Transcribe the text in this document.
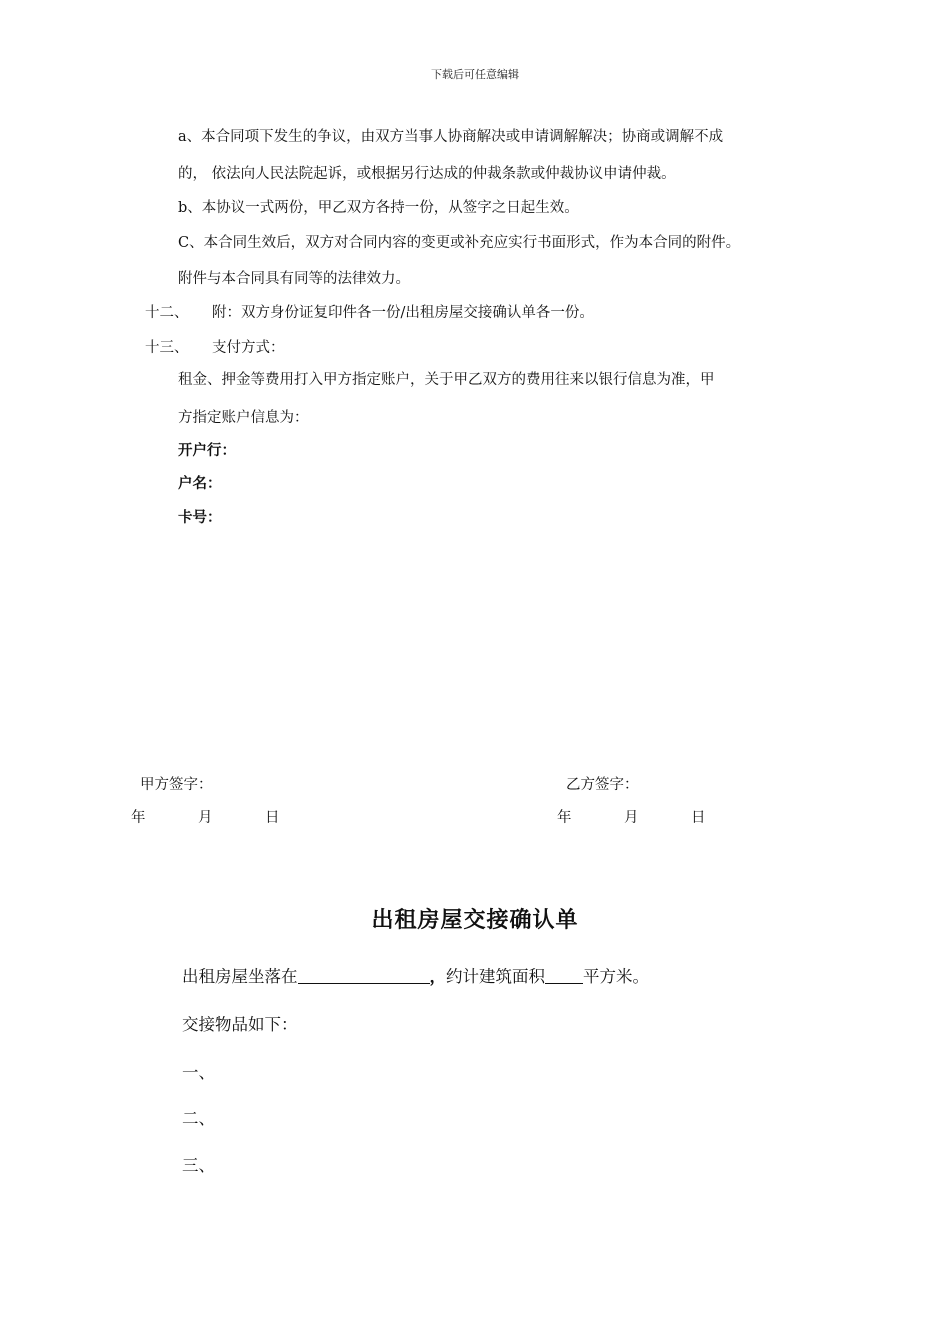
下载后可任意编辑
a、本合同项下发生的争议，由双方当事人协商解决或申请调解解决；协商或调解不成
的， 依法向人民法院起诉，或根据另行达成的仲裁条款或仲裁协议申请仲裁。
b、本协议一式两份，甲乙双方各持一份，从签字之日起生效。
C、本合同生效后，双方对合同内容的变更或补充应实行书面形式，作为本合同的附件。
附件与本合同具有同等的法律效力。
十二、 附：双方身份证复印件各一份/出租房屋交接确认单各一份。
十三、 支付方式：
租金、押金等费用打入甲方指定账户，关于甲乙双方的费用往来以银行信息为准，甲
方指定账户信息为：
开户行：
户名：
卡号：
甲方签字：	乙方签字：
年	月	日	年	月	日
出租房屋交接确认单
出租房屋坐落在	，约计建筑面积 平方米。
交接物品如下：
一、
二、
三、
